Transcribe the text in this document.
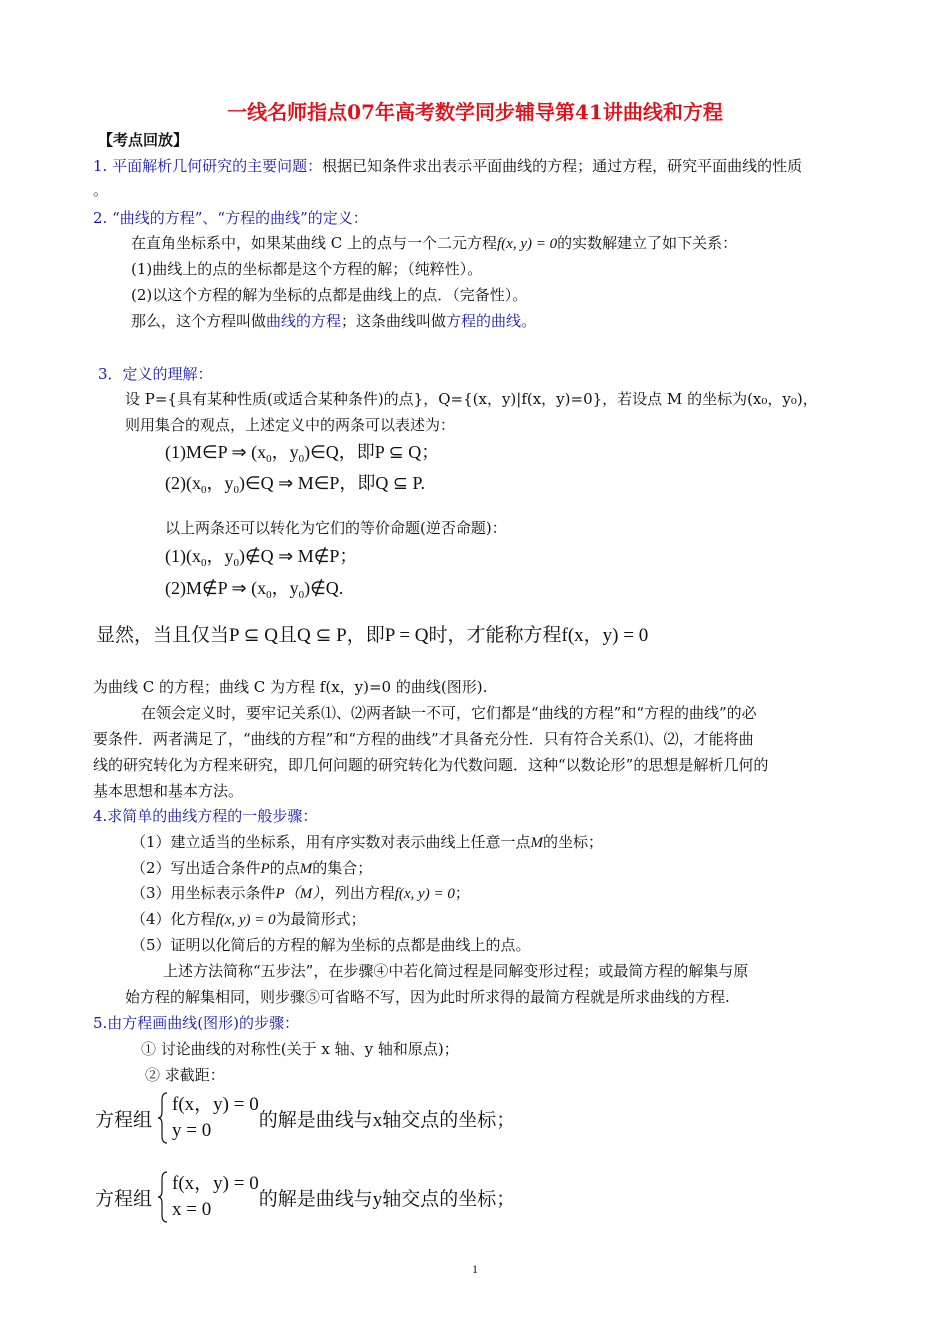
一线名师指点07年高考数学同步辅导第41讲曲线和方程
【考点回放】
1. 平面解析几何研究的主要问题：根据已知条件求出表示平面曲线的方程；通过方程，研究平面曲线的性质
。
2. “曲线的方程”、“方程的曲线”的定义：
在直角坐标系中，如果某曲线 C 上的点与一个二元方程f(x, y) = 0的实数解建立了如下关系：
(1)曲线上的点的坐标都是这个方程的解；（纯粹性）。
(2)以这个方程的解为坐标的点都是曲线上的点．（完备性）。
那么，这个方程叫做曲线的方程；这条曲线叫做方程的曲线。
3．定义的理解：
设 P={具有某种性质(或适合某种条件)的点}，Q={(x，y)|f(x，y)=0}，若设点 M 的坐标为(x₀，y₀)，
则用集合的观点，上述定义中的两条可以表述为：
(1)M∈P ⇒ ($x_0$，$y_0)\in Q$，即P ⊆ Q；
$(2)(x_0$，$y_0)\in Q$ ⇒ M∈P，即Q ⊆ P.
以上两条还可以转化为它们的等价命题(逆否命题)：
$(1)(x_0$，$y_0)\notin Q$ ⇒ M∉P；
(2)M∉P ⇒ ($x_0$，$y_0)\notin Q$.
显然，当且仅当P ⊆ Q且Q ⊆ P，即P = Q时，才能称方程f(x，y) = 0
为曲线 C 的方程；曲线 C 为方程 f(x，y)=0 的曲线(图形).
在领会定义时，要牢记关系⑴、⑵两者缺一不可，它们都是“曲线的方程”和“方程的曲线”的必
要条件．两者满足了，“曲线的方程”和“方程的曲线”才具备充分性．只有符合关系⑴、⑵，才能将曲
线的研究转化为方程来研究，即几何问题的研究转化为代数问题．这种“以数论形”的思想是解析几何的
基本思想和基本方法。
4.求简单的曲线方程的一般步骤：
（1）建立适当的坐标系，用有序实数对表示曲线上任意一点M的坐标；
（2）写出适合条件P的点M的集合；
（3）用坐标表示条件P（M），列出方程f(x, y) = 0；
（4）化方程f(x, y) = 0为最简形式；
（5）证明以化简后的方程的解为坐标的点都是曲线上的点。
上述方法简称“五步法”，在步骤④中若化简过程是同解变形过程；或最简方程的解集与原
始方程的解集相同，则步骤⑤可省略不写，因为此时所求得的最简方程就是所求曲线的方程.
5.由方程画曲线(图形)的步骤：
① 讨论曲线的对称性(关于 x 轴、y 轴和原点)；
② 求截距：
方程组
f(x，y) = 0
y = 0	的解是曲线与x轴交点的坐标；
方程组
f(x，y) = 0
x = 0	的解是曲线与y轴交点的坐标；
1
